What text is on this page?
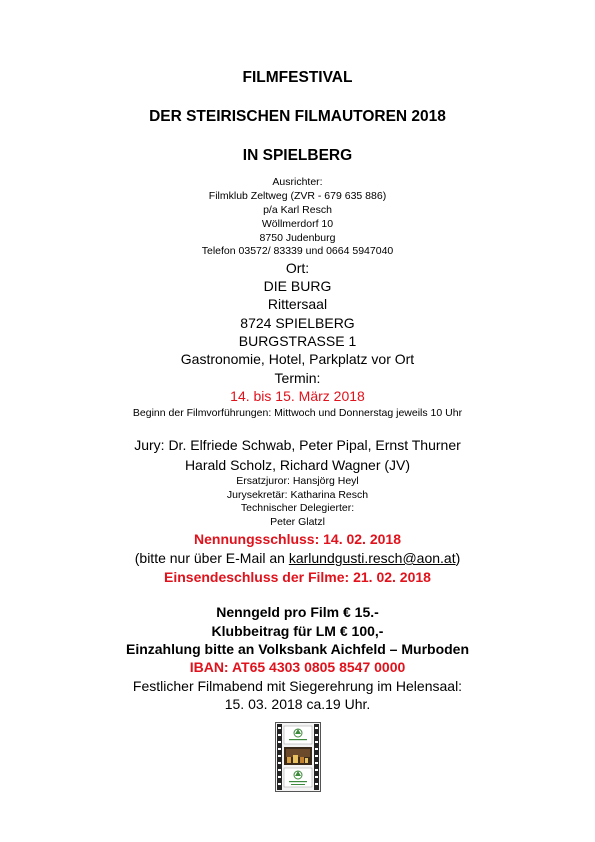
FILMFESTIVAL
DER STEIRISCHEN FILMAUTOREN 2018
IN SPIELBERG
Ausrichter:
Filmklub Zeltweg (ZVR - 679 635 886)
p/a Karl Resch
Wöllmerdorf 10
8750 Judenburg
Telefon 03572/ 83339 und 0664 5947040
Ort:
DIE BURG
Rittersaal
8724 SPIELBERG
BURGSTRASSE 1
Gastronomie, Hotel, Parkplatz vor Ort
Termin:
14. bis 15. März 2018
Beginn der Filmvorführungen: Mittwoch und Donnerstag jeweils 10 Uhr
Jury: Dr. Elfriede Schwab, Peter Pipal, Ernst Thurner
Harald Scholz, Richard Wagner (JV)
Ersatzjuror: Hansjörg Heyl
Jurysekretär: Katharina Resch
Technischer Delegierter:
Peter Glatzl
Nennungsschluss: 14. 02. 2018
(bitte nur über E-Mail an karlundgusti.resch@aon.at)
Einsendeschluss der Filme: 21. 02. 2018
Nenngeld pro Film € 15.-
Klubbeitrag für LM € 100,-
Einzahlung bitte an Volksbank Aichfeld – Murboden
IBAN: AT65 4303 0805 8547 0000
Festlicher Filmabend mit Siegerehrung im Helensaal:
15. 03. 2018 ca.19 Uhr.
